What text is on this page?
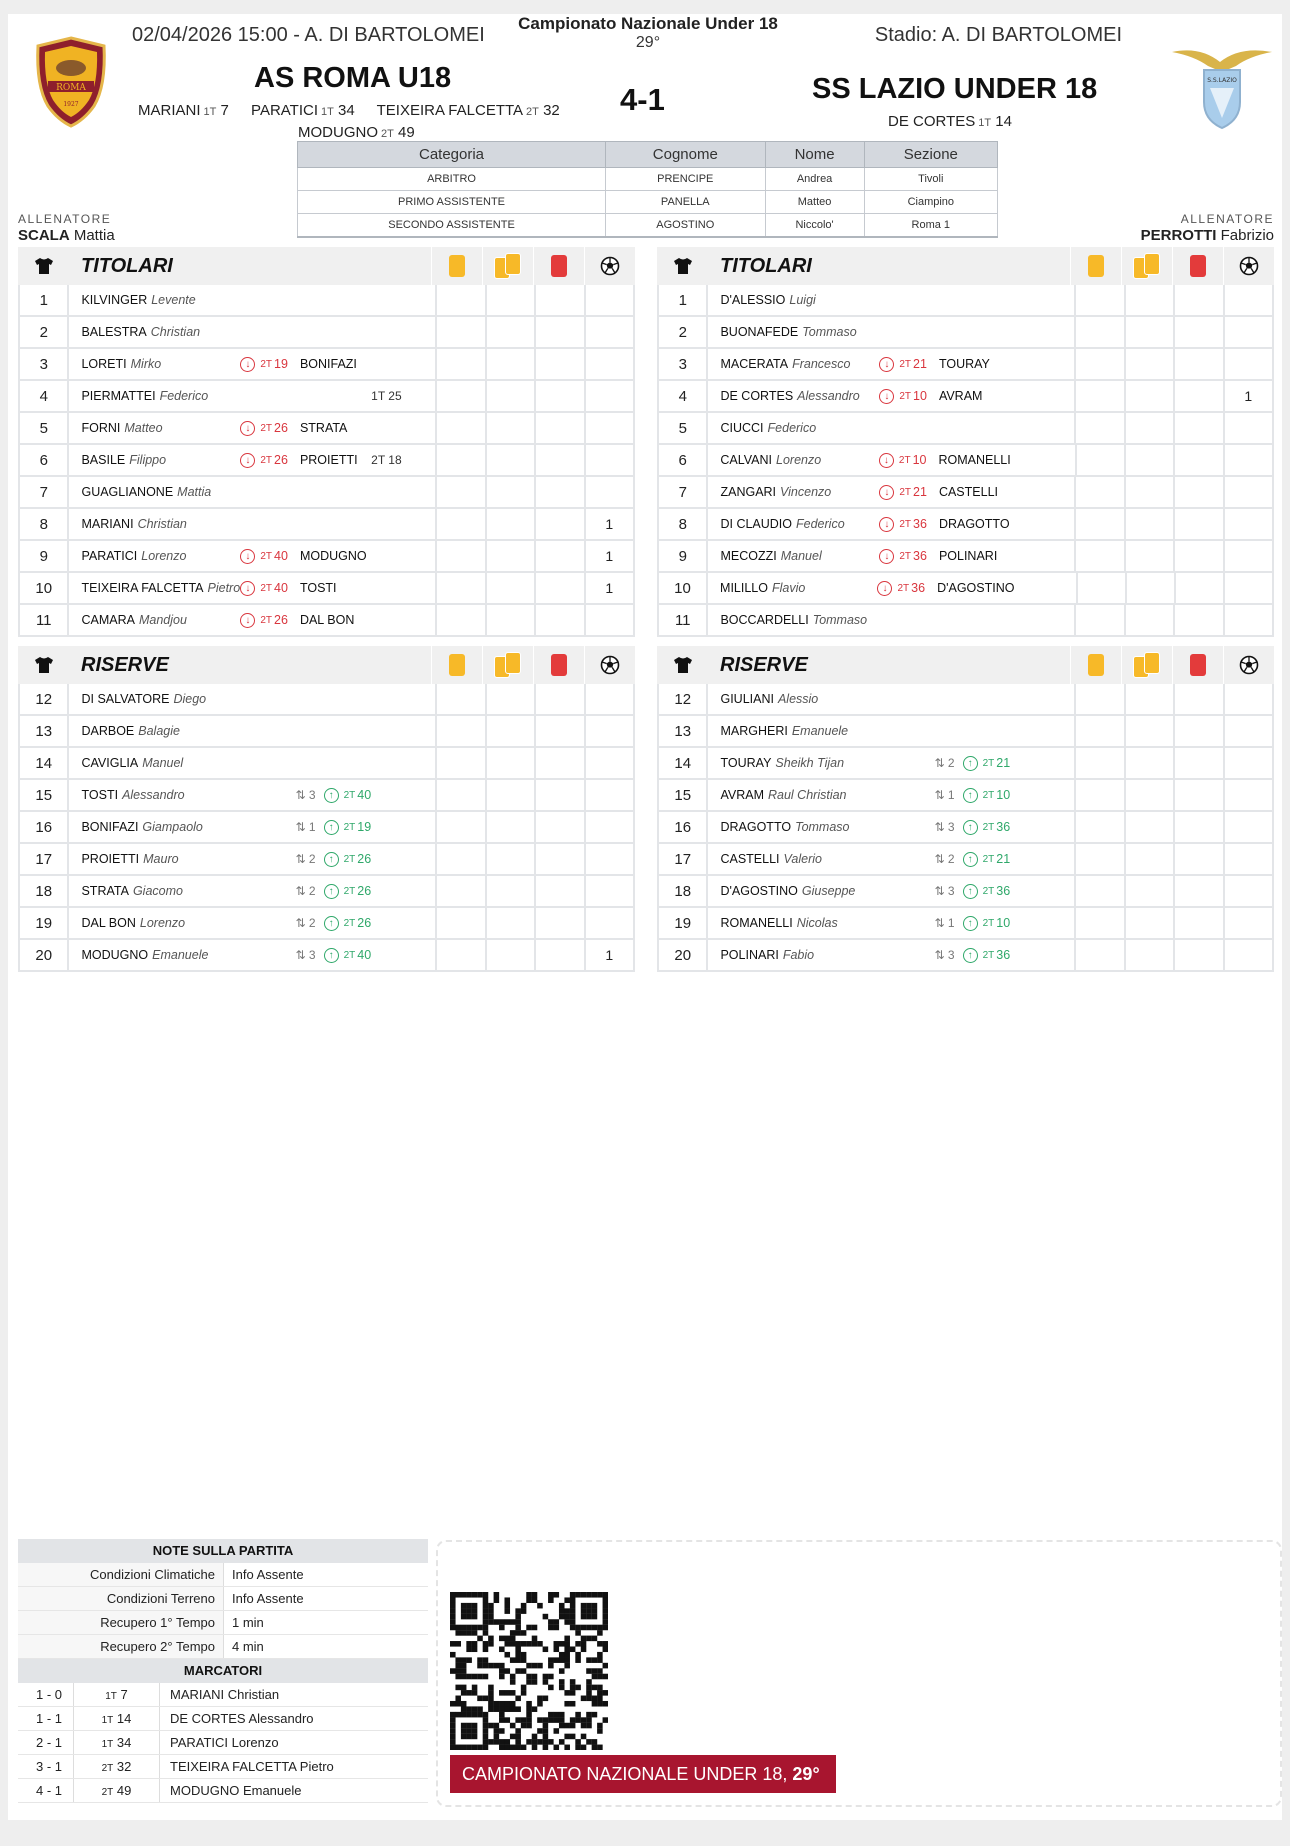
02/04/2026 15:00 - A. DI BARTOLOMEI
Campionato Nazionale Under 18
29°	Stadio: A. DI BARTOLOMEI
ROMA
1927
S.S.LAZIO
AS ROMA U18
4-1	SS LAZIO UNDER 18
MARIANI 1T 7 PARATICI 1T 34 TEIXEIRA FALCETTA 2T 32
MODUGNO 2T 49
DE CORTES 1T 14
ALLENATORE
SCALA Mattia
ALLENATORE
PERROTTI Fabrizio
Categoria	Cognome	Nome	Sezione
ARBITRO	PRENCIPE	Andrea	Tivoli
PRIMO ASSISTENTE	PANELLA	Matteo	Ciampino
SECONDO ASSISTENTE	AGOSTINO	Niccolo'	Roma 1
TITOLARI
1	KILVINGER Levente
2	BALESTRA Christian
3	LORETI Mirko	↓	2T 19 BONIFAZI
4	PIERMATTEI Federico	1T 25
5	FORNI Matteo	↓	2T 26 STRATA
6	BASILE Filippo	↓	2T 26 PROIETTI 2T 18
7	GUAGLIANONE Mattia
8	MARIANI Christian	1
9	PARATICI Lorenzo	↓	2T 40 MODUGNO	1
10	TEIXEIRA FALCETTA Pietro ↓	2T 40 TOSTI	1
11	CAMARA Mandjou	↓	2T 26 DAL BON
TITOLARI
1	D'ALESSIO Luigi
2	BUONAFEDE Tommaso
3	MACERATA Francesco	↓	2T 21 TOURAY
4	DE CORTES Alessandro	↓	2T 10 AVRAM	1
5	CIUCCI Federico
6	CALVANI Lorenzo	↓	2T 10 ROMANELLI
7	ZANGARI Vincenzo	↓	2T 21 CASTELLI
8	DI CLAUDIO Federico	↓	2T 36 DRAGOTTO
9	MECOZZI Manuel	↓	2T 36 POLINARI
10	MILILLO Flavio	↓	2T 36 D'AGOSTINO
11	BOCCARDELLI Tommaso
RISERVE
12	DI SALVATORE Diego
13	DARBOE Balagie
14	CAVIGLIA Manuel
15	TOSTI Alessandro	⇅ 3	↑	2T 40
16	BONIFAZI Giampaolo	⇅ 1	↑	2T 19
17	PROIETTI Mauro	⇅ 2	↑	2T 26
18	STRATA Giacomo	⇅ 2	↑	2T 26
19	DAL BON Lorenzo	⇅ 2	↑	2T 26
20	MODUGNO Emanuele	⇅ 3	↑	2T 40	1
RISERVE
12	GIULIANI Alessio
13	MARGHERI Emanuele
14	TOURAY Sheikh Tijan	⇅ 2	↑	2T 21
15	AVRAM Raul Christian	⇅ 1	↑	2T 10
16	DRAGOTTO Tommaso	⇅ 3	↑	2T 36
17	CASTELLI Valerio	⇅ 2	↑	2T 21
18	D'AGOSTINO Giuseppe	⇅ 3	↑	2T 36
19	ROMANELLI Nicolas	⇅ 1	↑	2T 10
20	POLINARI Fabio	⇅ 3	↑	2T 36
NOTE SULLA PARTITA
Condizioni Climatiche	Info Assente
Condizioni Terreno	Info Assente
Recupero 1° Tempo	1 min
Recupero 2° Tempo	4 min
MARCATORI
1 - 0	1T 7	MARIANI Christian
1 - 1	1T 14	DE CORTES Alessandro
2 - 1	1T 34	PARATICI Lorenzo
3 - 1	2T 32	TEIXEIRA FALCETTA Pietro
4 - 1	2T 49	MODUGNO Emanuele
CAMPIONATO NAZIONALE UNDER 18, 29°
